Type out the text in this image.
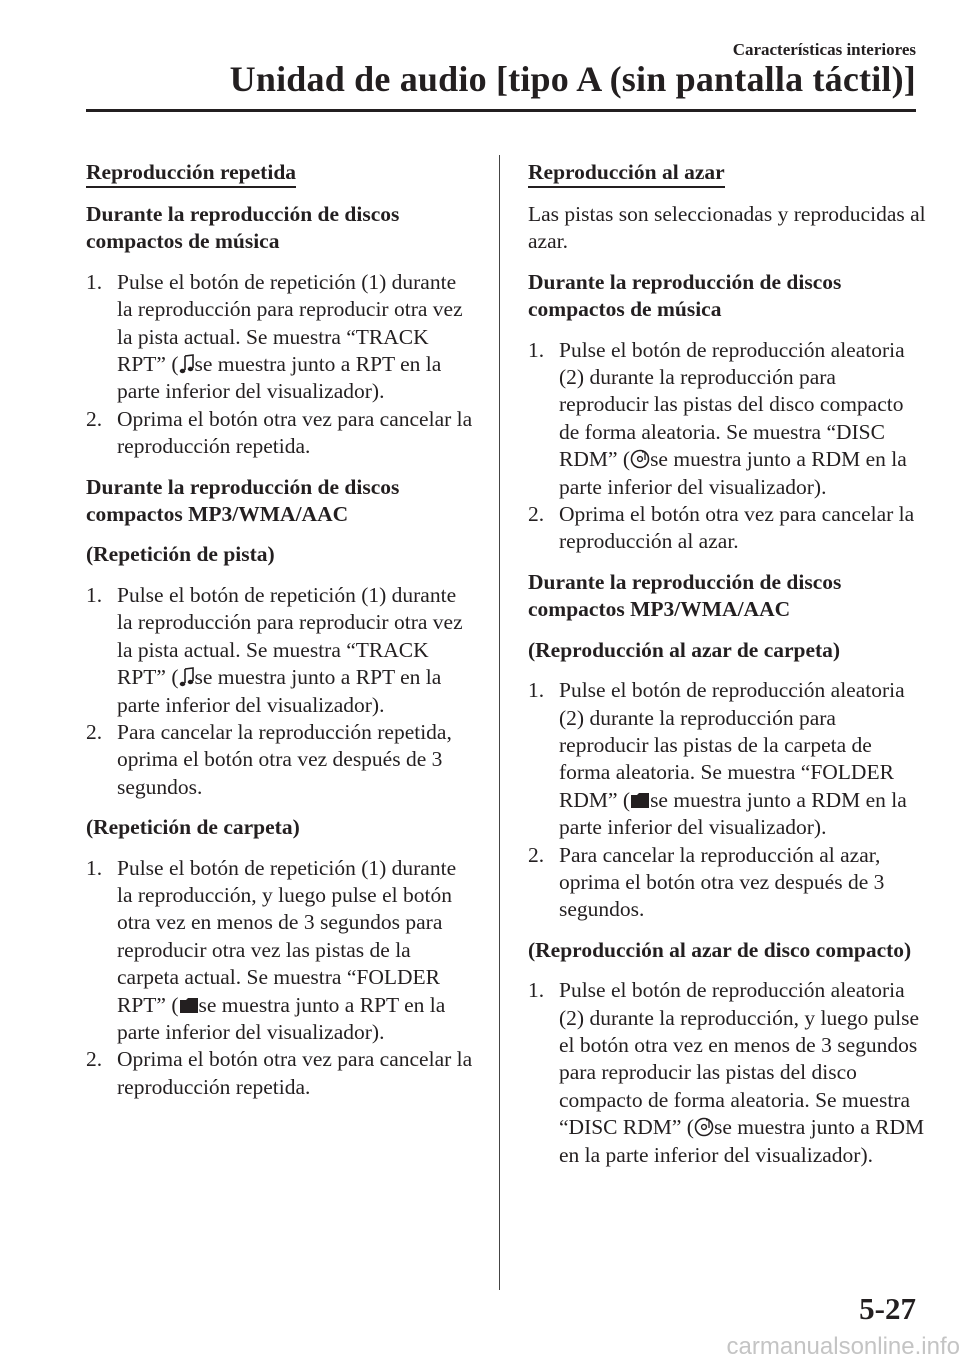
Características interiores
Unidad de audio [tipo A (sin pantalla táctil)]
Reproducción repetida
Durante la reproducción de discos compactos de música
1. Pulse el botón de repetición (1) durante la reproducción para reproducir otra vez la pista actual. Se muestra “TRACK RPT” ( se muestra junto a RPT en la parte inferior del visualizador).
2. Oprima el botón otra vez para cancelar la reproducción repetida.
Durante la reproducción de discos compactos MP3/WMA/AAC
(Repetición de pista)
1. Pulse el botón de repetición (1) durante la reproducción para reproducir otra vez la pista actual. Se muestra “TRACK RPT” ( se muestra junto a RPT en la parte inferior del visualizador).
2. Para cancelar la reproducción repetida, oprima el botón otra vez después de 3 segundos.
(Repetición de carpeta)
1. Pulse el botón de repetición (1) durante la reproducción, y luego pulse el botón otra vez en menos de 3 segundos para reproducir otra vez las pistas de la carpeta actual. Se muestra “FOLDER RPT” ( se muestra junto a RPT en la parte inferior del visualizador).
2. Oprima el botón otra vez para cancelar la reproducción repetida.
Reproducción al azar
Las pistas son seleccionadas y reproducidas al azar.
Durante la reproducción de discos compactos de música
1. Pulse el botón de reproducción aleatoria (2) durante la reproducción para reproducir las pistas del disco compacto de forma aleatoria. Se muestra “DISC RDM” ( se muestra junto a RDM en la parte inferior del visualizador).
2. Oprima el botón otra vez para cancelar la reproducción al azar.
Durante la reproducción de discos compactos MP3/WMA/AAC
(Reproducción al azar de carpeta)
1. Pulse el botón de reproducción aleatoria (2) durante la reproducción para reproducir las pistas de la carpeta de forma aleatoria. Se muestra “FOLDER RDM” ( se muestra junto a RDM en la parte inferior del visualizador).
2. Para cancelar la reproducción al azar, oprima el botón otra vez después de 3 segundos.
(Reproducción al azar de disco compacto)
1. Pulse el botón de reproducción aleatoria (2) durante la reproducción, y luego pulse el botón otra vez en menos de 3 segundos para reproducir las pistas del disco compacto de forma aleatoria. Se muestra “DISC RDM” ( se muestra junto a RDM en la parte inferior del visualizador).
5-27
carmanualsonline.info
